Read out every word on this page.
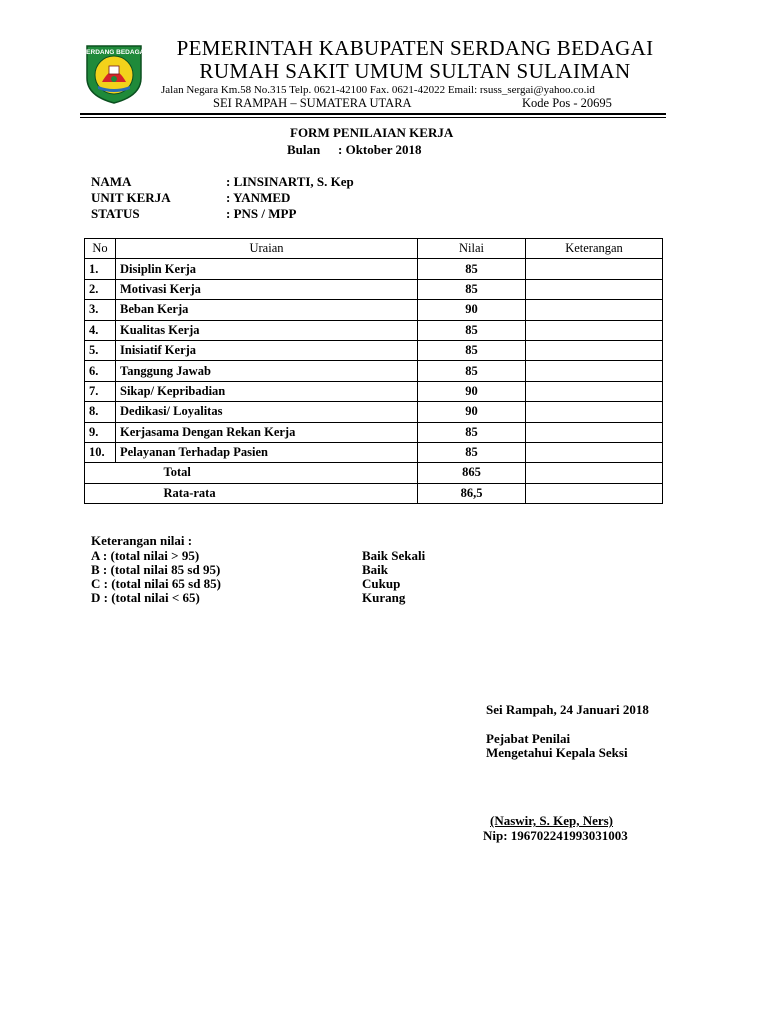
SERDANG BEDAGAI	PEMERINTAH KABUPATEN SERDANG BEDAGAI
RUMAH SAKIT UMUM SULTAN SULAIMAN
Jalan Negara Km.58 No.315 Telp. 0621-42100 Fax. 0621-42022 Email: rsuss_sergai@yahoo.co.id
SEI RAMPAH – SUMATERA UTARA	Kode Pos - 20695
FORM PENILAIAN KERJA
Bulan : Oktober 2018
NAMA	: LINSINARTI, S. Kep
UNIT KERJA	: YANMED
STATUS	: PNS / MPP
No	Uraian	Nilai	Keterangan
1.	Disiplin Kerja	85	
2.	Motivasi Kerja	85	
3.	Beban Kerja	90	
4.	Kualitas Kerja	85	
5.	Inisiatif Kerja	85	
6.	Tanggung Jawab	85	
7.	Sikap/ Kepribadian	90	
8.	Dedikasi/ Loyalitas	90	
9.	Kerjasama Dengan Rekan Kerja	85	
10.	Pelayanan Terhadap Pasien	85	
Total		865	
Rata-rata		86,5	
Keterangan nilai :
A : (total nilai > 95)	Baik Sekali
B : (total nilai 85 sd 95)	Baik
C : (total nilai 65 sd 85)	Cukup
D : (total nilai < 65)	Kurang
Sei Rampah, 24 Januari 2018
Pejabat Penilai
Mengetahui Kepala Seksi
(Naswir, S. Kep, Ners)
Nip: 196702241993031003
